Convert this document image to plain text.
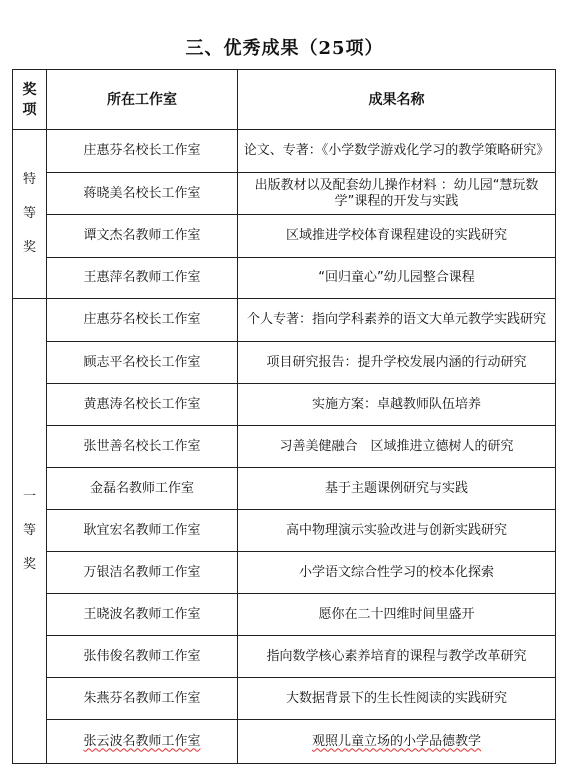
三、优秀成果（25项）
奖项	所在工作室	成果名称

特等奖	庄惠芬名校长工作室	论文、专著：《小学数学游戏化学习的教学策略研究》
	蒋晓美名校长工作室	出版教材以及配套幼儿操作材料 ：幼儿园“慧玩数学”课程的开发与实践
	谭文杰名教师工作室	区域推进学校体育课程建设的实践研究
	王惠萍名教师工作室	“回归童心”幼儿园整合课程

一等奖	庄惠芬名校长工作室	个人专著：指向学科素养的语文大单元教学实践研究
	顾志平名校长工作室	项目研究报告：提升学校发展内涵的行动研究
	黄惠涛名校长工作室	实施方案：卓越教师队伍培养
	张世善名校长工作室	习善美健融合　区域推进立德树人的研究
	金磊名教师工作室	基于主题课例研究与实践
	耿宜宏名教师工作室	高中物理演示实验改进与创新实践研究
	万银洁名教师工作室	小学语文综合性学习的校本化探索
	王晓波名教师工作室	愿你在二十四维时间里盛开
	张伟俊名教师工作室	指向数学核心素养培育的课程与教学改革研究
	朱燕芬名教师工作室	大数据背景下的生长性阅读的实践研究
	张云波名教师工作室	观照儿童立场的小学品德教学
